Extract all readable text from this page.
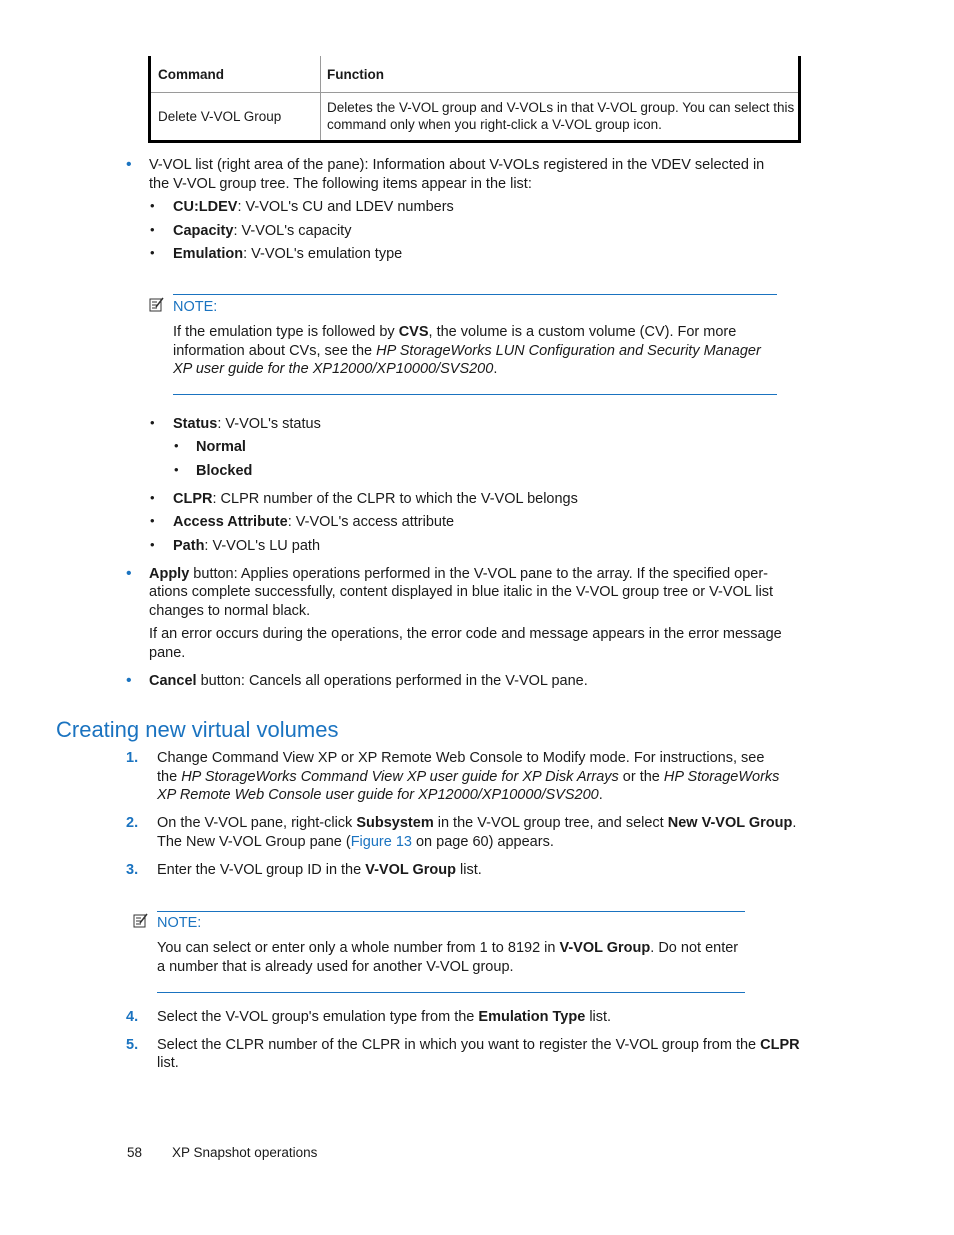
Command	Function
Delete V-VOL Group
Deletes the V-VOL group and V-VOLs in that V-VOL group. You can select this
command only when you right-click a V-VOL group icon.
• V-VOL list (right area of the pane): Information about V-VOLs registered in the VDEV selected in
the V-VOL group tree. The following items appear in the list:
• CU:LDEV: V-VOL's CU and LDEV numbers
• Capacity: V-VOL's capacity
• Emulation: V-VOL's emulation type
NOTE:
If the emulation type is followed by CVS, the volume is a custom volume (CV). For more
information about CVs, see the HP StorageWorks LUN Configuration and Security Manager
XP user guide for the XP12000/XP10000/SVS200.
• Status: V-VOL's status
• Normal
• Blocked
• CLPR: CLPR number of the CLPR to which the V-VOL belongs
• Access Attribute: V-VOL's access attribute
• Path: V-VOL's LU path
• Apply button: Applies operations performed in the V-VOL pane to the array. If the specified oper-
ations complete successfully, content displayed in blue italic in the V-VOL group tree or V-VOL list
changes to normal black.
If an error occurs during the operations, the error code and message appears in the error message
pane.
• Cancel button: Cancels all operations performed in the V-VOL pane.
Creating new virtual volumes
1. Change Command View XP or XP Remote Web Console to Modify mode. For instructions, see
the HP StorageWorks Command View XP user guide for XP Disk Arrays or the HP StorageWorks
XP Remote Web Console user guide for XP12000/XP10000/SVS200.
2. On the V-VOL pane, right-click Subsystem in the V-VOL group tree, and select New V-VOL Group.
The New V-VOL Group pane (Figure 13 on page 60) appears.
3. Enter the V-VOL group ID in the V-VOL Group list.
NOTE:
You can select or enter only a whole number from 1 to 8192 in V-VOL Group. Do not enter
a number that is already used for another V-VOL group.
4. Select the V-VOL group's emulation type from the Emulation Type list.
5. Select the CLPR number of the CLPR in which you want to register the V-VOL group from the CLPR
list.
58 XP Snapshot operations
